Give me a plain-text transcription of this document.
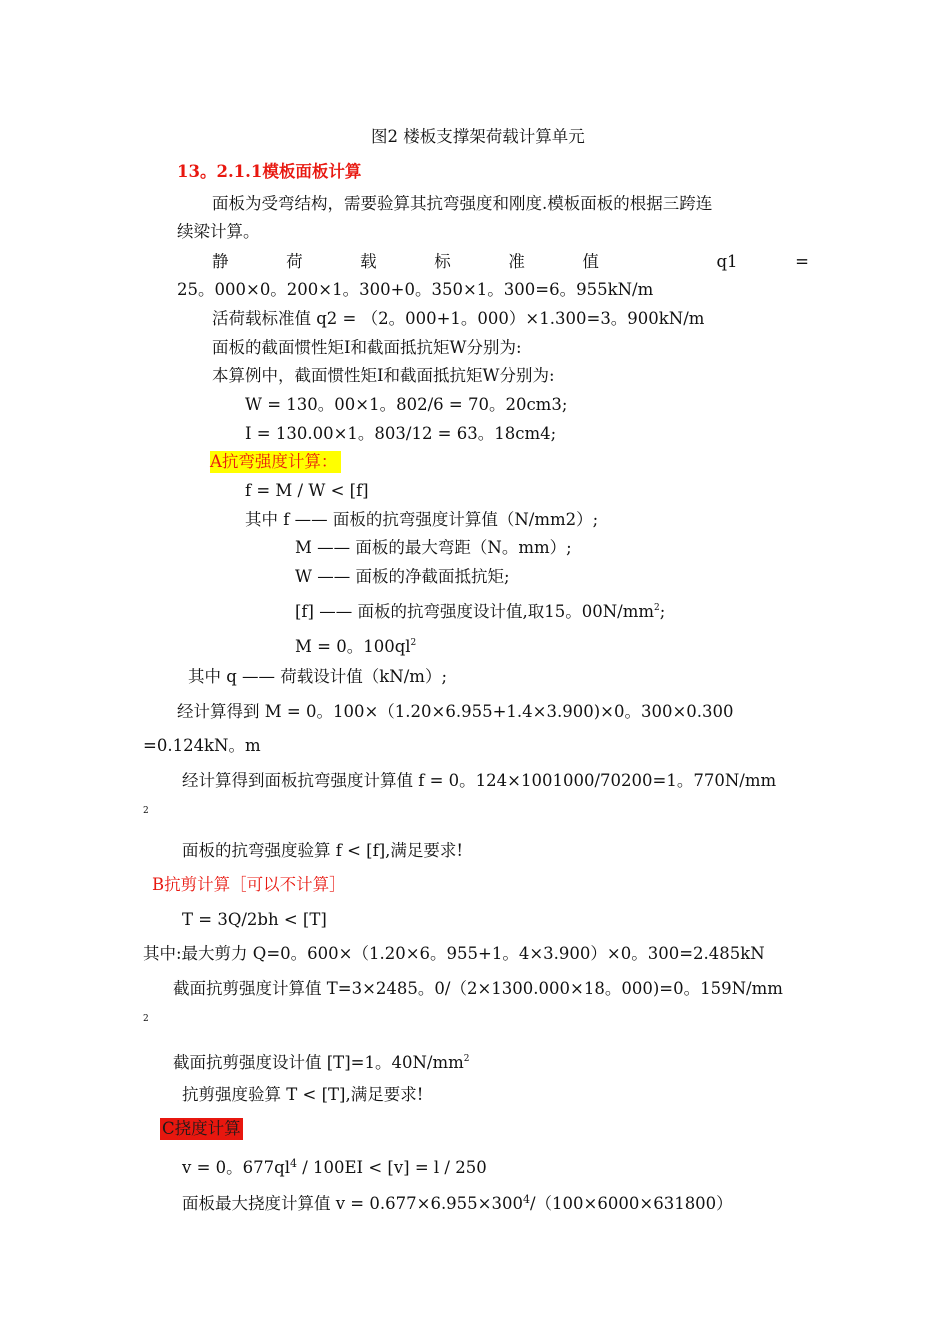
图2 楼板支撑架荷载计算单元
13。2.1.1模板面板计算
面板为受弯结构，需要验算其抗弯强度和刚度.模板面板的根据三跨连
续梁计算。
静	荷	载	标	准	值	q1	=
25。000×0。200×1。300+0。350×1。300=6。955kN/m
活荷载标准值 q2 = （2。000+1。000）×1.300=3。900kN/m
面板的截面惯性矩I和截面抵抗矩W分别为:
本算例中，截面惯性矩I和截面抵抗矩W分别为:
W = 130。00×1。802/6 = 70。20cm3;
I = 130.00×1。803/12 = 63。18cm4;
A抗弯强度计算：
f = M / W < [f]
其中 f —— 面板的抗弯强度计算值（N/mm2）;
M —— 面板的最大弯距（N。mm）;
W —— 面板的净截面抵抗矩;
[f] —— 面板的抗弯强度设计值,取15。$00N/mm^2$;
M = 0。$100ql^2$
其中 q —— 荷载设计值（kN/m）;
经计算得到 M = 0。100×（1.20×6.955+1.4×3.900)×0。300×0.300
=0.124kN。m
经计算得到面板抗弯强度计算值 f = 0。124×1001000/70200=1。770N/mm
2
面板的抗弯强度验算 f < [f],满足要求!
B抗剪计算［可以不计算］
T = 3Q/2bh < [T]
其中:最大剪力 Q=0。600×（1.20×6。955+1。4×3.900）×0。300=2.485kN
截面抗剪强度计算值 T=3×2485。0/（2×1300.000×18。000)=0。159N/mm
2
截面抗剪强度设计值 [T]=1。$40N/mm^2$
抗剪强度验算 T < [T],满足要求!
C挠度计算
v = 0。$677ql^4 / 100EI < [v] = l / 250$
面板最大挠度计算值 $v = 0.677\times 6.955\times 300^4/(100\times 6000\times 631800)$
